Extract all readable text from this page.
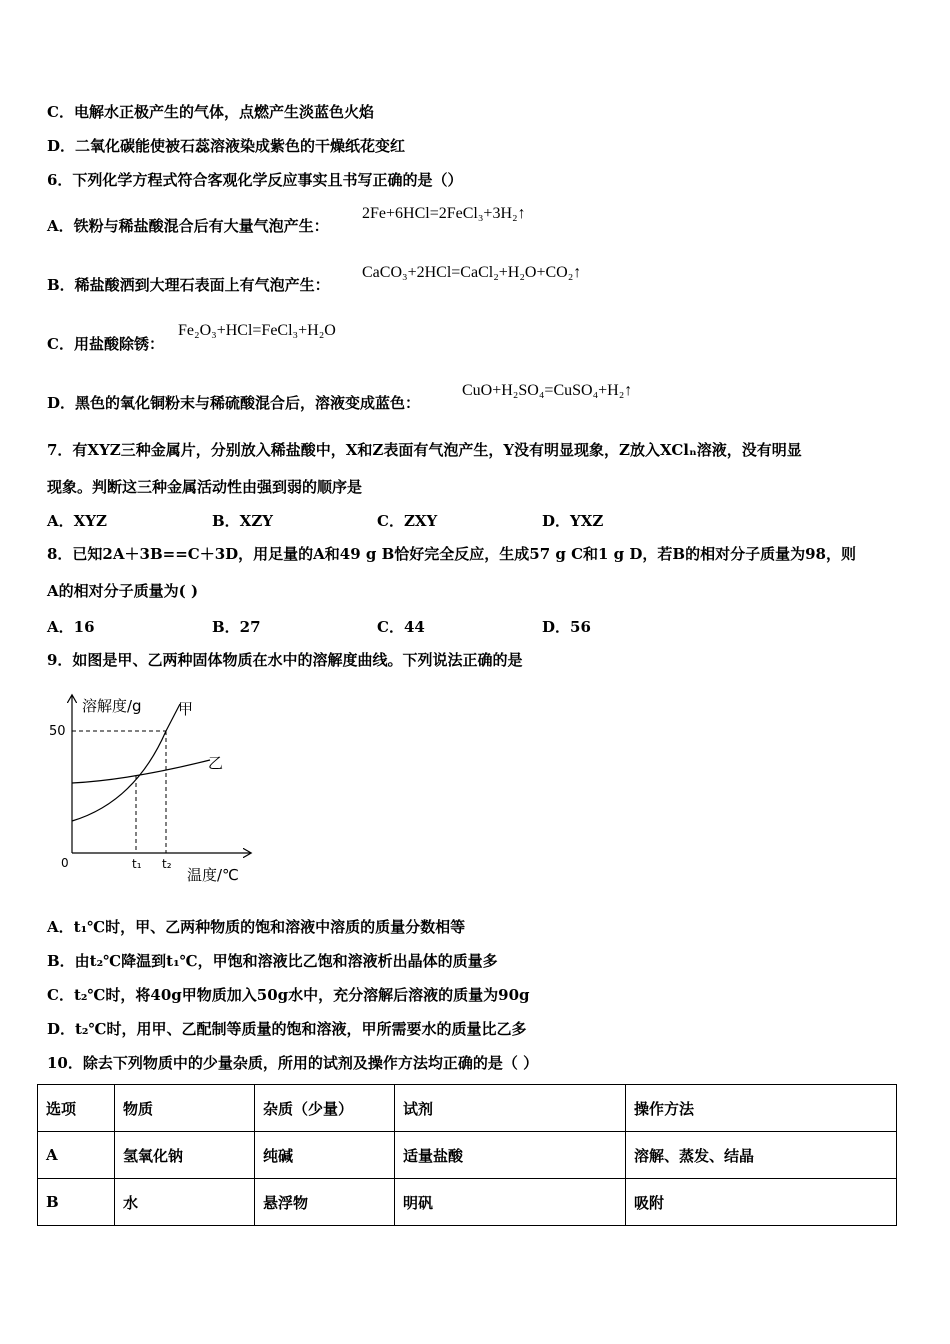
C．电解水正极产生的气体，点燃产生淡蓝色火焰
D．二氧化碳能使被石蕊溶液染成紫色的干燥纸花变红
6．下列化学方程式符合客观化学反应事实且书写正确的是（）
A．铁粉与稀盐酸混合后有大量气泡产生：
2Fe+6HCl=2FeCl₃+3H₂↑
B．稀盐酸洒到大理石表面上有气泡产生：
CaCO₃+2HCl=CaCl₂+H₂O+CO₂↑
C．用盐酸除锈：
Fe₂O₃+HCl=FeCl₃+H₂O
D．黑色的氧化铜粉末与稀硫酸混合后，溶液变成蓝色：
CuO+H₂SO₄=CuSO₄+H₂↑
7．有XYZ三种金属片，分别放入稀盐酸中，X和Z表面有气泡产生，Y没有明显现象，Z放入XClₙ溶液，没有明显
现象。判断这三种金属活动性由强到弱的顺序是
A．XYZ	B．XZY	C．ZXY	D．YXZ
8．已知2A＋3B==C＋3D，用足量的A和49 g B恰好完全反应，生成57 g C和1 g D，若B的相对分子质量为98，则
A的相对分子质量为( )
A．16	B．27	C．44	D．56
9．如图是甲、乙两种固体物质在水中的溶解度曲线。下列说法正确的是
溶解度/g
温度/℃
0
50
t₁ t₂
甲
乙
A．t₁℃时，甲、乙两种物质的饱和溶液中溶质的质量分数相等
B．由t₂℃降温到t₁℃，甲饱和溶液比乙饱和溶液析出晶体的质量多
C．t₂℃时，将40g甲物质加入50g水中，充分溶解后溶液的质量为90g
D．t₂℃时，用甲、乙配制等质量的饱和溶液，甲所需要水的质量比乙多
10．除去下列物质中的少量杂质，所用的试剂及操作方法均正确的是（ ）
选项	物质	杂质（少量）	试剂	操作方法
A	氢氧化钠	纯碱	适量盐酸	溶解、蒸发、结晶
B	水	悬浮物	明矾	吸附
